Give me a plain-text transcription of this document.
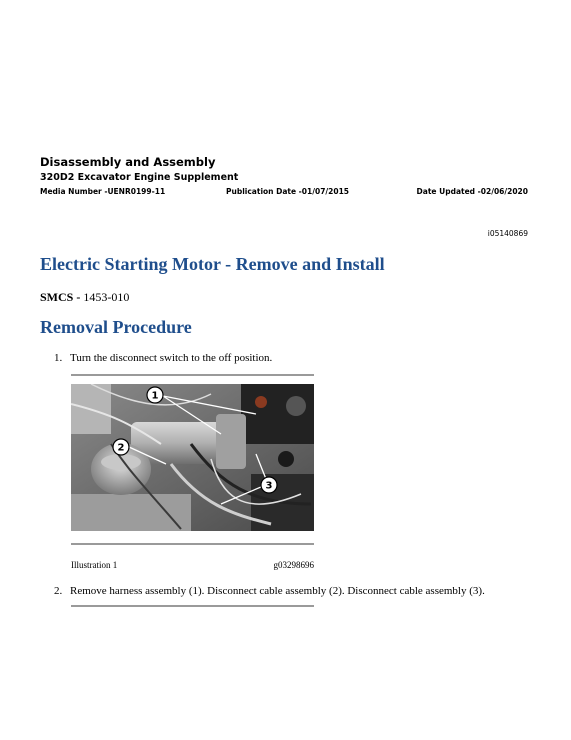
Disassembly and Assembly
320D2 Excavator Engine Supplement
Media Number -UENR0199-11	Publication Date -01/07/2015	Date Updated -02/06/2020
i05140869
Electric Starting Motor - Remove and Install
SMCS - 1453-010
Removal Procedure
1. Turn the disconnect switch to the off position.
1
2
3
Illustration 1	g03298696
2. Remove harness assembly (1). Disconnect cable assembly (2). Disconnect cable assembly (3).
